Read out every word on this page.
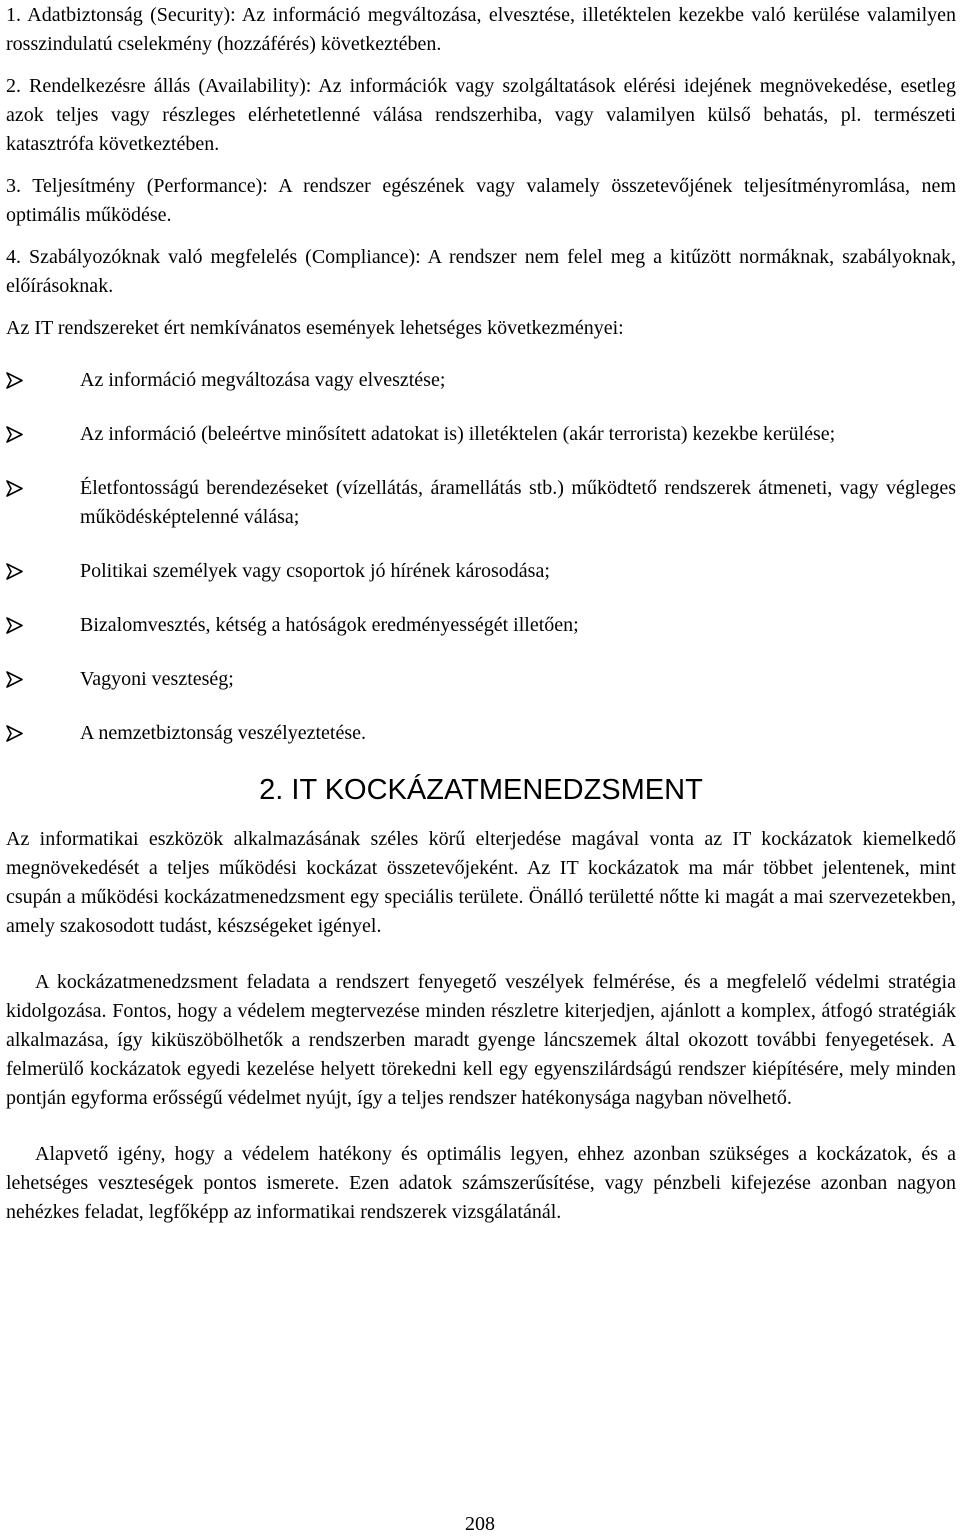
1. Adatbiztonság (Security): Az információ megváltozása, elvesztése, illetéktelen kezekbe való kerülése valamilyen rosszindulatú cselekmény (hozzáférés) következtében.
2. Rendelkezésre állás (Availability): Az információk vagy szolgáltatások elérési idejének megnövekedése, esetleg azok teljes vagy részleges elérhetetlenné válása rendszerhiba, vagy valamilyen külső behatás, pl. természeti katasztrófa következtében.
3. Teljesítmény (Performance): A rendszer egészének vagy valamely összetevőjének teljesítményromlása, nem optimális működése.
4. Szabályozóknak való megfelelés (Compliance): A rendszer nem felel meg a kitűzött normáknak, szabályoknak, előírásoknak.

Az IT rendszereket ért nemkívánatos események lehetséges következményei:

Az információ megváltozása vagy elvesztése;
Az információ (beleértve minősített adatokat is) illetéktelen (akár terrorista) kezekbe kerülése;
Életfontosságú berendezéseket (vízellátás, áramellátás stb.) működtető rendszerek átmeneti, vagy végleges működésképtelenné válása;
Politikai személyek vagy csoportok jó hírének károsodása;
Bizalomvesztés, kétség a hatóságok eredményességét illetően;
Vagyoni veszteség;
A nemzetbiztonság veszélyeztetése.
2. IT KOCKÁZATMENEDZSMENT

Az informatikai eszközök alkalmazásának széles körű elterjedése magával vonta az IT kockázatok kiemelkedő megnövekedését a teljes működési kockázat összetevőjeként. Az IT kockázatok ma már többet jelentenek, mint csupán a működési kockázatmenedzsment egy speciális területe. Önálló területté nőtte ki magát a mai szervezetekben, amely szakosodott tudást, készségeket igényel.

A kockázatmenedzsment feladata a rendszert fenyegető veszélyek felmérése, és a megfelelő védelmi stratégia kidolgozása. Fontos, hogy a védelem megtervezése minden részletre kiterjedjen, ajánlott a komplex, átfogó stratégiák alkalmazása, így kiküszöbölhetők a rendszerben maradt gyenge láncszemek által okozott további fenyegetések. A felmerülő kockázatok egyedi kezelése helyett törekedni kell egy egyenszilárdságú rendszer kiépítésére, mely minden pontján egyforma erősségű védelmet nyújt, így a teljes rendszer hatékonysága nagyban növelhető.

Alapvető igény, hogy a védelem hatékony és optimális legyen, ehhez azonban szükséges a kockázatok, és a lehetséges veszteségek pontos ismerete. Ezen adatok számszerűsítése, vagy pénzbeli kifejezése azonban nagyon nehézkes feladat, legfőképp az informatikai rendszerek vizsgálatánál.

208
